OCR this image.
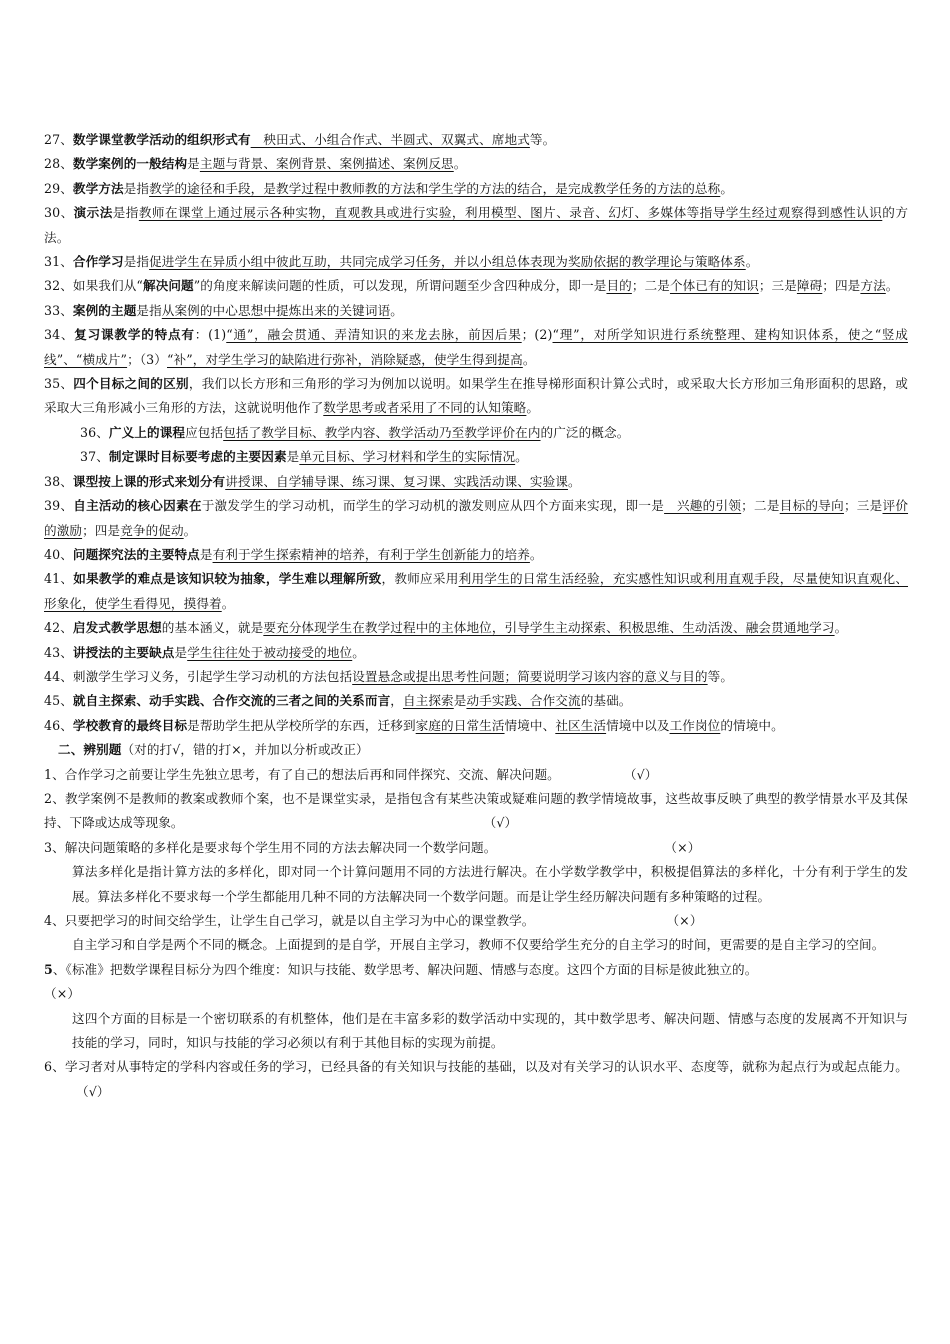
27、数学课堂教学活动的组织形式有　秧田式、小组合作式、半圆式、双翼式、席地式等。

28、数学案例的一般结构是主题与背景、案例背景、案例描述、案例反思。

29、教学方法是指教学的途径和手段，是教学过程中教师教的方法和学生学的方法的结合，是完成教学任务的方法的总称。

30、演示法是指教师在课堂上通过展示各种实物，直观教具或进行实验，利用模型、图片、录音、幻灯、多媒体等指导学生经过观察得到感性认识的方法。

31、合作学习是指促进学生在异质小组中彼此互助，共同完成学习任务，并以小组总体表现为奖励依据的教学理论与策略体系。

32、如果我们从“解决问题”的角度来解读问题的性质，可以发现，所谓问题至少含四种成分，即一是目的；二是个体已有的知识；三是障碍；四是方法。

33、案例的主题是指从案例的中心思想中提炼出来的关键词语。

34、复习课教学的特点有：(1)“通”，融会贯通、弄清知识的来龙去脉，前因后果；(2)“理”，对所学知识进行系统整理、建构知识体系，使之“竖成线”、“横成片”；（3）“补”，对学生学习的缺陷进行弥补，消除疑惑，使学生得到提高。

35、四个目标之间的区别，我们以长方形和三角形的学习为例加以说明。如果学生在推导梯形面积计算公式时，或采取大长方形加三角形面积的思路，或采取大三角形减小三角形的方法，这就说明他作了数学思考或者采用了不同的认知策略。

36、广义上的课程应包括包括了教学目标、教学内容、教学活动乃至教学评价在内的广泛的概念。

37、制定课时目标要考虑的主要因素是单元目标、学习材料和学生的实际情况。

38、课型按上课的形式来划分有讲授课、自学辅导课、练习课、复习课、实践活动课、实验课。

39、自主活动的核心因素在于激发学生的学习动机，而学生的学习动机的激发则应从四个方面来实现，即一是　兴趣的引领；二是目标的导向；三是评价的激励；四是竞争的促动。

40、问题探究法的主要特点是有利于学生探索精神的培养，有利于学生创新能力的培养。

41、如果教学的难点是该知识较为抽象，学生难以理解所致，教师应采用利用学生的日常生活经验，充实感性知识或利用直观手段，尽量使知识直观化、形象化，使学生看得见，摸得着。

42、启发式教学思想的基本涵义，就是要充分体现学生在教学过程中的主体地位，引导学生主动探索、积极思维、生动活泼、融会贯通地学习。

43、讲授法的主要缺点是学生往往处于被动接受的地位。

44、刺激学生学习义务，引起学生学习动机的方法包括设置悬念或提出思考性问题；简要说明学习该内容的意义与目的等。

45、就自主探索、动手实践、合作交流的三者之间的关系而言，自主探索是动手实践、合作交流的基础。

46、学校教育的最终目标是帮助学生把从学校所学的东西，迁移到家庭的日常生活情境中、社区生活情境中以及工作岗位的情境中。

二、辨别题（对的打√，错的打×，并加以分析或改正）

1、合作学习之前要让学生先独立思考，有了自己的想法后再和同伴探究、交流、解决问题。	（√）

2、教学案例不是教师的教案或教师个案，也不是课堂实录，是指包含有某些决策或疑难问题的教学情境故事，这些故事反映了典型的教学情景水平及其保持、下降或达成等现象。	（√）

3、解决问题策略的多样化是要求每个学生用不同的方法去解决同一个数学问题。	（×）

算法多样化是指计算方法的多样化，即对同一个计算问题用不同的方法进行解决。在小学数学教学中，积极提倡算法的多样化，十分有利于学生的发展。算法多样化不要求每一个学生都能用几种不同的方法解决同一个数学问题。而是让学生经历解决问题有多种策略的过程。

4、只要把学习的时间交给学生，让学生自己学习，就是以自主学习为中心的课堂教学。	（×）

自主学习和自学是两个不同的概念。上面提到的是自学，开展自主学习，教师不仅要给学生充分的自主学习的时间，更需要的是自主学习的空间。

5、《标准》把数学课程目标分为四个维度：知识与技能、数学思考、解决问题、情感与态度。这四个方面的目标是彼此独立的。
（×）

这四个方面的目标是一个密切联系的有机整体，他们是在丰富多彩的数学活动中实现的，其中数学思考、解决问题、情感与态度的发展离不开知识与技能的学习，同时，知识与技能的学习必须以有利于其他目标的实现为前提。

6、学习者对从事特定的学科内容或任务的学习，已经具备的有关知识与技能的基础，以及对有关学习的认识水平、态度等，就称为起点行为或起点能力。（√）
